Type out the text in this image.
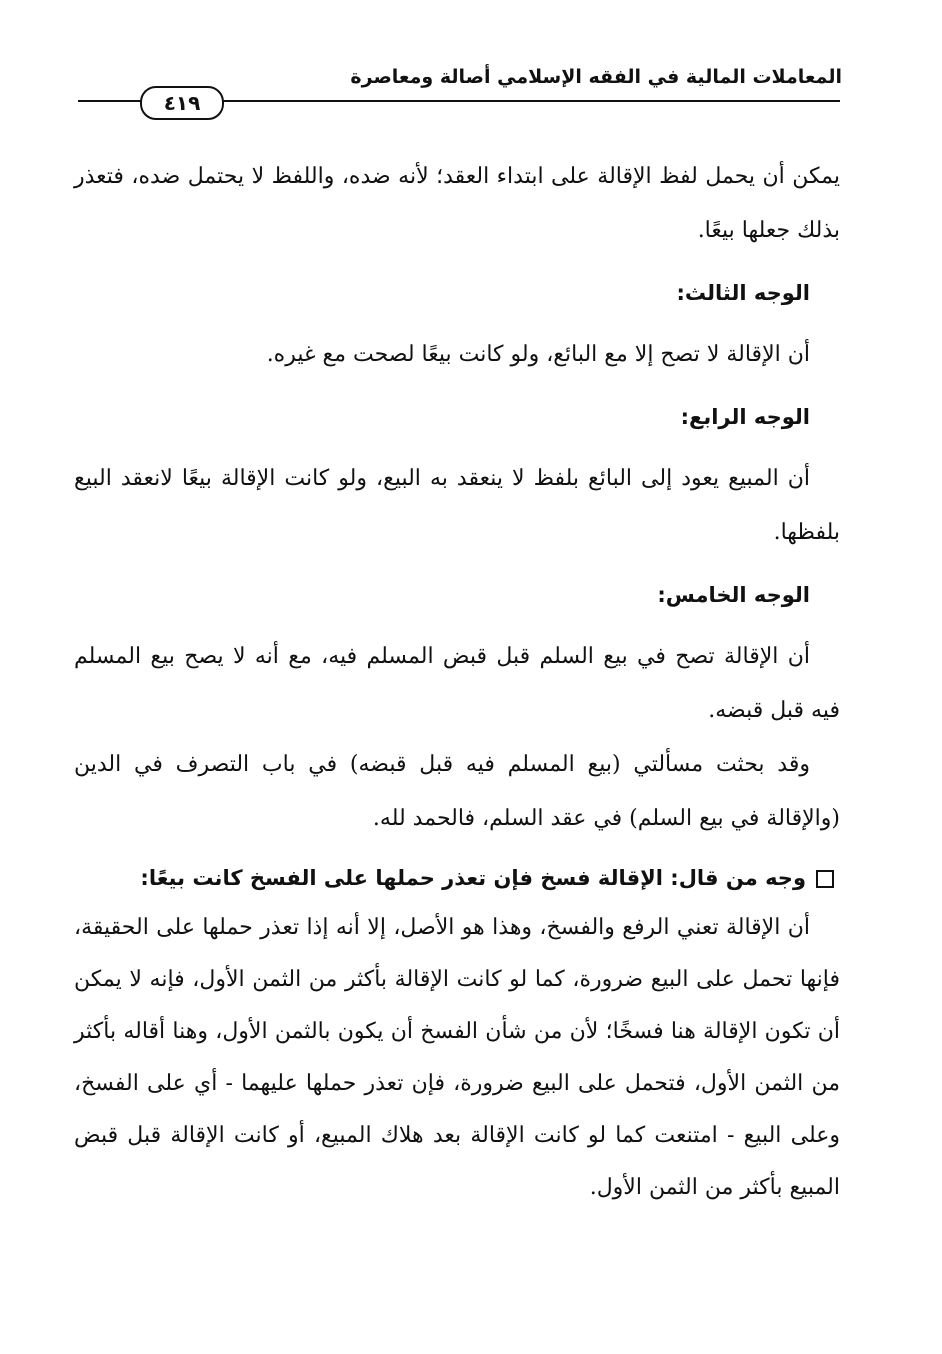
المعاملات المالية في الفقه الإسلامي أصالة ومعاصرة
٤١٩

يمكن أن يحمل لفظ الإقالة على ابتداء العقد؛ لأنه ضده، واللفظ لا يحتمل ضده، فتعذر بذلك جعلها بيعًا.

الوجه الثالث:

أن الإقالة لا تصح إلا مع البائع، ولو كانت بيعًا لصحت مع غيره.

الوجه الرابع:

أن المبيع يعود إلى البائع بلفظ لا ينعقد به البيع، ولو كانت الإقالة بيعًا لانعقد البيع بلفظها.

الوجه الخامس:

أن الإقالة تصح في بيع السلم قبل قبض المسلم فيه، مع أنه لا يصح بيع المسلم فيه قبل قبضه.

وقد بحثت مسألتي (بيع المسلم فيه قبل قبضه) في باب التصرف في الدين (والإقالة في بيع السلم) في عقد السلم، فالحمد لله.

وجه من قال: الإقالة فسخ فإن تعذر حملها على الفسخ كانت بيعًا:

أن الإقالة تعني الرفع والفسخ، وهذا هو الأصل، إلا أنه إذا تعذر حملها على الحقيقة، فإنها تحمل على البيع ضرورة، كما لو كانت الإقالة بأكثر من الثمن الأول، فإنه لا يمكن أن تكون الإقالة هنا فسخًا؛ لأن من شأن الفسخ أن يكون بالثمن الأول، وهنا أقاله بأكثر من الثمن الأول، فتحمل على البيع ضرورة، فإن تعذر حملها عليهما - أي على الفسخ، وعلى البيع - امتنعت كما لو كانت الإقالة بعد هلاك المبيع، أو كانت الإقالة قبل قبض المبيع بأكثر من الثمن الأول.
